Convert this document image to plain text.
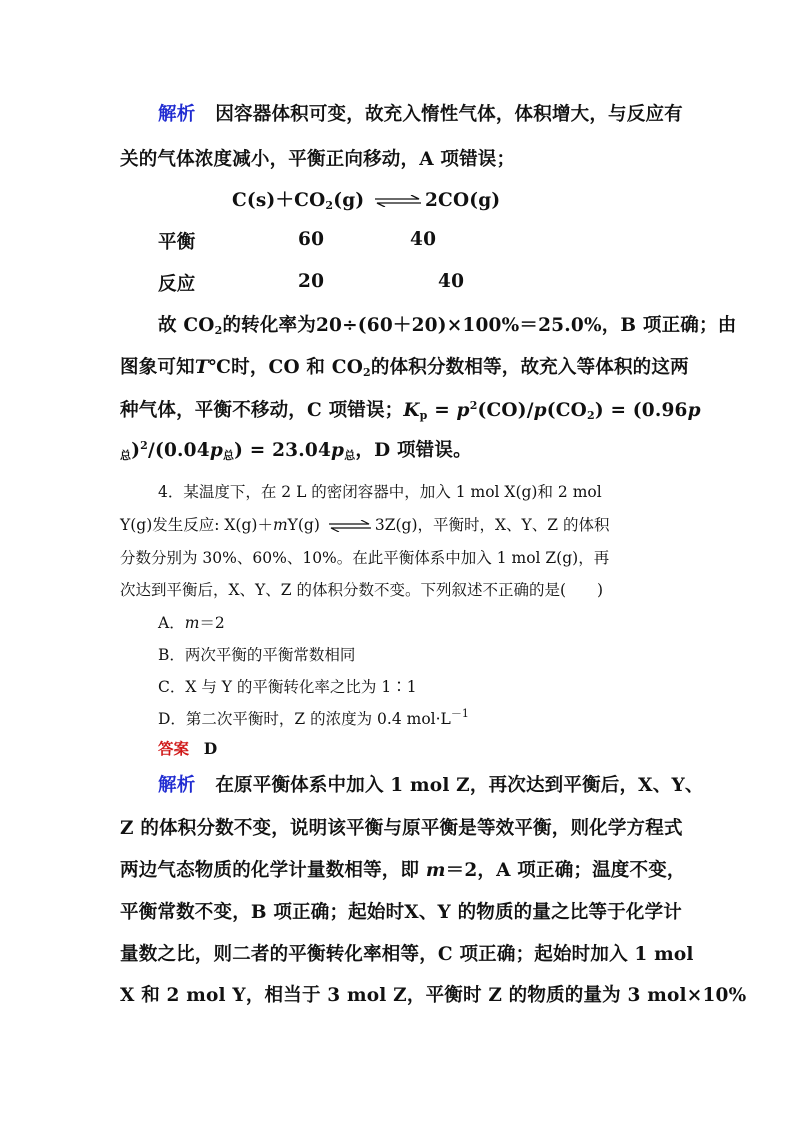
解析 因容器体积可变，故充入惰性气体，体积增大，与反应有
关的气体浓度减小，平衡正向移动，A 项错误；
$C(s)+CO_2(g)$ ⇌ 2CO(g)
平衡	60	40
反应	20	40
故 $CO_2$的转化率为20÷(60＋20)×100%＝25.0%，B 项正确；由
图象可知T℃时，CO 和 $CO_2$的体积分数相等，故充入等体积的这两
种气体，平衡不移动，C 项错误；$K_p = p^2(CO)/p(CO_2) = (0.96p$
$_总)^2/(0.04p_总) = 23.04p_总$，D 项错误。
4．某温度下，在 2 L 的密闭容器中，加入 1 mol X(g)和 2 mol
Y(g)发生反应: X(g)＋mY(g) ⇌ 3Z(g)，平衡时，X、Y、Z 的体积
分数分别为 30%、60%、10%。在此平衡体系中加入 1 mol Z(g)，再
次达到平衡后，X、Y、Z 的体积分数不变。下列叙述不正确的是(　　)
A．m＝2
B．两次平衡的平衡常数相同
C．X 与 Y 的平衡转化率之比为 1∶1
D．第二次平衡时，Z 的浓度为 0.4 $mol\cdot L^{-1}$
答案 D
解析 在原平衡体系中加入 1 mol Z，再次达到平衡后，X、Y、
Z 的体积分数不变，说明该平衡与原平衡是等效平衡，则化学方程式
两边气态物质的化学计量数相等，即 m＝2，A 项正确；温度不变，
平衡常数不变，B 项正确；起始时X、Y 的物质的量之比等于化学计
量数之比，则二者的平衡转化率相等，C 项正确；起始时加入 1 mol
X 和 2 mol Y，相当于 3 mol Z，平衡时 Z 的物质的量为 3 mol×10%
